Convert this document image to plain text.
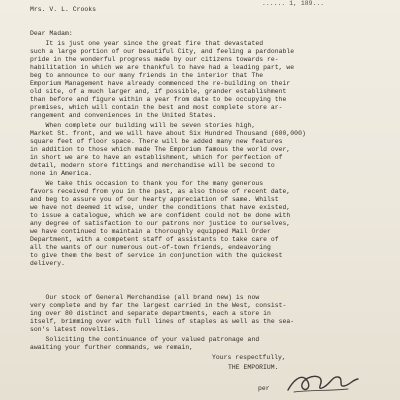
...... 1, 189...
Mrs. V. L. Crooks
Dear Madam:
It is just one year since the great fire that devastated
such a large portion of our beautiful City, and feeling a pardonable
pride in the wonderful progress made by our citizens towards re-
habilitation in which we are thankful to have had a leading part, we
beg to announce to our many friends in the interior that The
Emporium Management have already commenced the re-building on their
old site, of a much larger and, if possible, grander establishment
than before and figure within a year from date to be occupying the
premises, which will contain the best and most complete store ar-
rangement and conveniences in the United States.
When complete our building will be seven stories high,
Market St. front, and we will have about Six Hundred Thousand (600,000)
square feet of floor space. There will be added many new features
in addition to those which made The Emporium famous the world over,
in short we are to have an establishment, which for perfection of
detail, modern store fittings and merchandise will be second to
none in America.
We take this occasion to thank you for the many generous
favors received from you in the past, as also those of recent date,
and beg to assure you of our hearty appreciation of same. Whilst
we have not deemed it wise, under the conditions that have existed,
to issue a catalogue, which we are confident could not be done with
any degree of satisfaction to our patrons nor justice to ourselves,
we have continued to maintain a thoroughly equipped Mail Order
Department, with a competent staff of assistants to take care of
all the wants of our numerous out-of-town friends, endeavoring
to give them the best of service in conjunction with the quickest
delivery.
Our stock of General Merchandise (all brand new) is now
very complete and by far the largest carried in the West, consist-
ing over 80 distinct and separate departments, each a store in
itself, brimming over with full lines of staples as well as the sea-
son's latest novelties.
Soliciting the continuance of your valued patronage and
awaiting your further commands, we remain,
Yours respectfully,
THE EMPORIUM.
per
